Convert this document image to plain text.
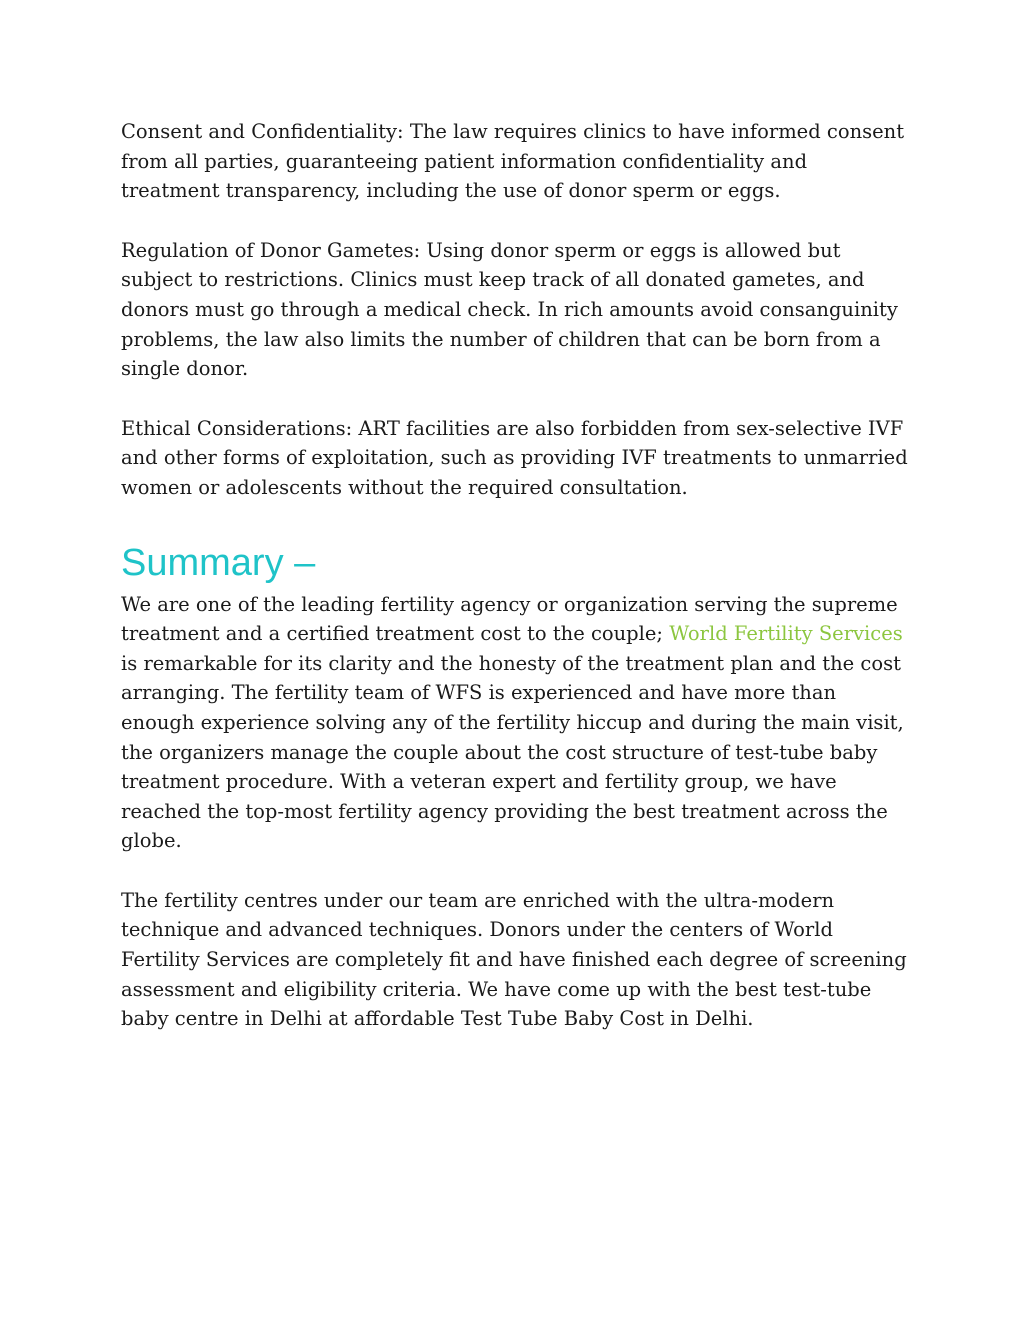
Consent and Confidentiality: The law requires clinics to have informed consent from all parties, guaranteeing patient information confidentiality and treatment transparency, including the use of donor sperm or eggs.

Regulation of Donor Gametes: Using donor sperm or eggs is allowed but subject to restrictions. Clinics must keep track of all donated gametes, and donors must go through a medical check. In rich amounts avoid consanguinity problems, the law also limits the number of children that can be born from a single donor.

Ethical Considerations: ART facilities are also forbidden from sex-selective IVF and other forms of exploitation, such as providing IVF treatments to unmarried women or adolescents without the required consultation.

Summary –

We are one of the leading fertility agency or organization serving the supreme treatment and a certified treatment cost to the couple; World Fertility Services is remarkable for its clarity and the honesty of the treatment plan and the cost arranging. The fertility team of WFS is experienced and have more than enough experience solving any of the fertility hiccup and during the main visit, the organizers manage the couple about the cost structure of test-tube baby treatment procedure. With a veteran expert and fertility group, we have reached the top-most fertility agency providing the best treatment across the globe.

The fertility centres under our team are enriched with the ultra-modern technique and advanced techniques. Donors under the centers of World Fertility Services are completely fit and have finished each degree of screening assessment and eligibility criteria. We have come up with the best test-tube baby centre in Delhi at affordable Test Tube Baby Cost in Delhi.
